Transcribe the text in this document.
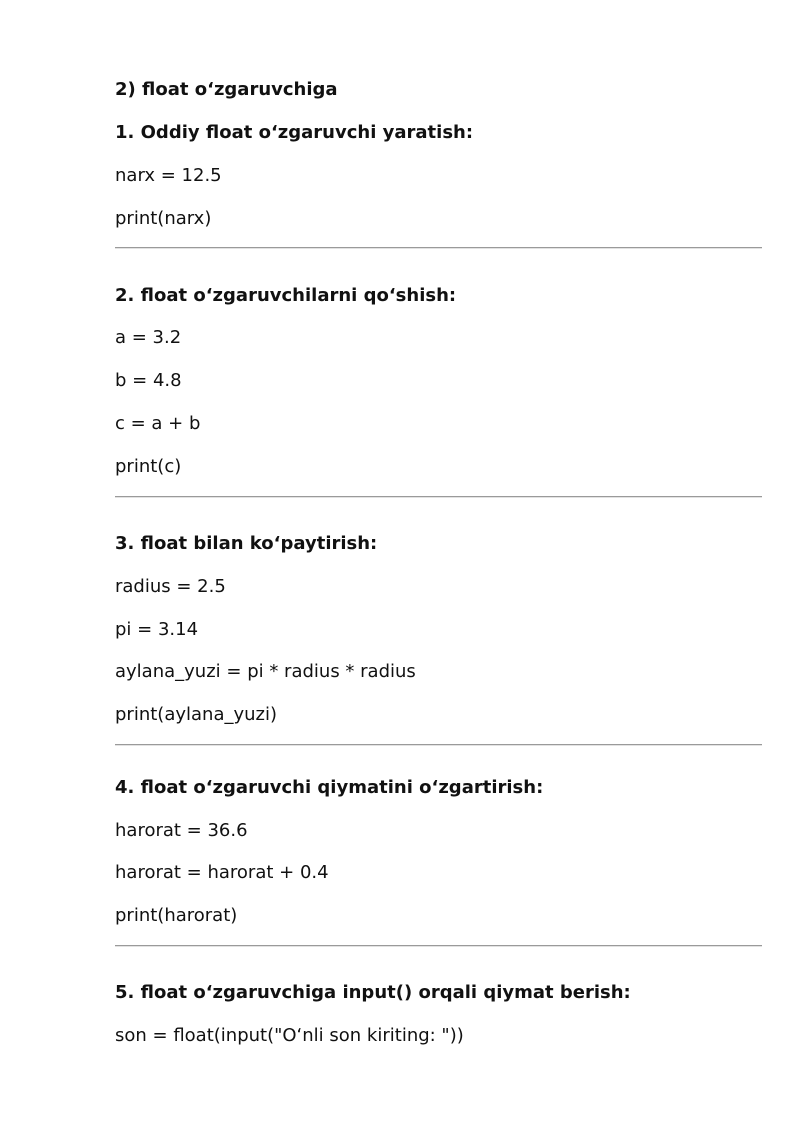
2) float o‘zgaruvchiga
1. Oddiy float o‘zgaruvchi yaratish:
narx = 12.5
print(narx)
2. float o‘zgaruvchilarni qo‘shish:
a = 3.2
b = 4.8
c = a + b
print(c)
3. float bilan ko‘paytirish:
radius = 2.5
pi = 3.14
aylana_yuzi = pi * radius * radius
print(aylana_yuzi)
4. float o‘zgaruvchi qiymatini o‘zgartirish:
harorat = 36.6
harorat = harorat + 0.4
print(harorat)
5. float o‘zgaruvchiga input() orqali qiymat berish:
son = float(input("O‘nli son kiriting: "))
